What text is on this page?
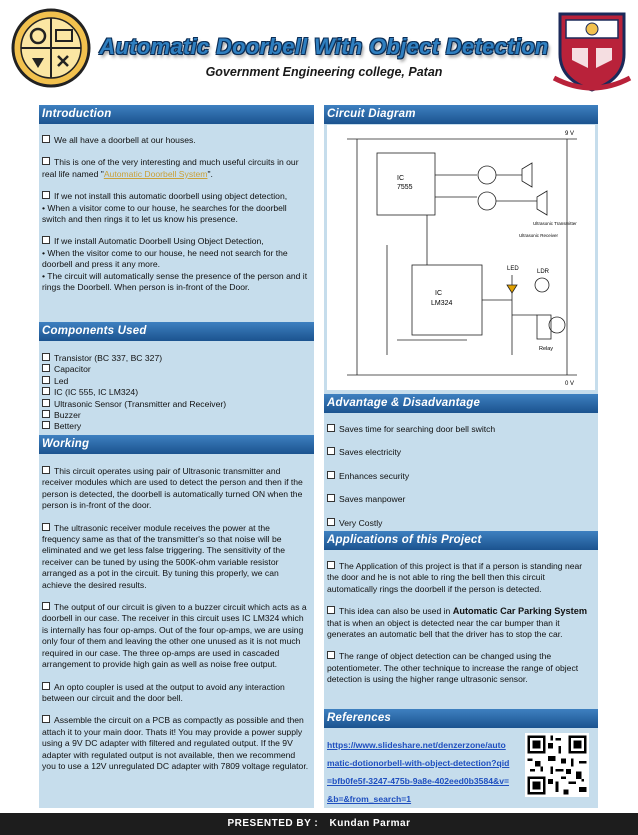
Automatic Doorbell With Object Detection
Government Engineering college, Patan
Introduction

We all have a doorbell at our houses.

This is one of the very interesting and much useful circuits in our real life named "Automatic Doorbell System".

If we not install this automatic doorbell using object detection,
• When a visitor come to our house, he searches for the doorbell switch and then rings it to let us know his presence.

If we install Automatic Doorbell Using Object Detection,
• When the visitor come to our house, he need not search for the doorbell and press it any more.
• The circuit will automatically sense the presence of the person and it rings the Doorbell. When person is in-front of the Door.

Components Used
Transistor (BC 337, BC 327)
Capacitor
Led
IC (IC 555, IC LM324)
Ultrasonic Sensor (Transmitter and Receiver)
Buzzer
Bettery
Working

This circuit operates using pair of Ultrasonic transmitter and receiver modules which are used to detect the person and then if the person is detected, the doorbell is automatically turned ON when the person is in-front of the door.

The ultrasonic receiver module receives the power at the frequency same as that of the transmitter's so that noise will be eliminated and we get less false triggering. The sensitivity of the receiver can be tuned by using the 500K-ohm variable resistor arranged as a pot in the circuit. By tuning this properly, we can achieve the desired results.

The output of our circuit is given to a buzzer circuit which acts as a doorbell in our case. The receiver in this circuit uses IC LM324 which is internally has four op-amps. Out of the four op-amps, we are using only four of them and leaving the other one unused as it is not much required in our case. The three op-amps are used in cascaded arrangement to provide high gain as well as noise free output.

An opto coupler is used at the output to avoid any interaction between our circuit and the door bell.

Assemble the circuit on a PCB as compactly as possible and then attach it to your main door. Thats it! You may provide a power supply using a 9V DC adapter with filtered and regulated output. If the 9V adapter with regulated output is not available, then we recommend you to use a 12V unregulated DC adapter with 7809 voltage regulator.

Circuit Diagram
IC
7555
IC
LM324
LED	LDR
Relay
9 V
0 V
Ultrasonic Transmitter
Ultrasonic Receiver
Advantage & Disadvantage

Saves time for searching door bell switch

Saves electricity

Enhances security

Saves manpower

Very Costly

Applications of this Project

The Application of this project is that if a person is standing near the door and he is not able to ring the bell then this circuit automatically rings the doorbell if the person is detected.

This idea can also be used in Automatic Car Parking System that is when an object is detected near the car bumper than it generates an automatic bell that the driver has to stop the car.

The range of object detection can be changed using the potentiometer. The other technique to increase the range of object detection is using the higher range ultrasonic sensor.

References
https://www.slideshare.net/denzerzone/automatic-dotionorbell-with-object-detection?qid=bfb0fe5f-3247-475b-9a8e-402eed0b3584&v=&b=&from_search=1
PRESENTED BY : Kundan Parmar
